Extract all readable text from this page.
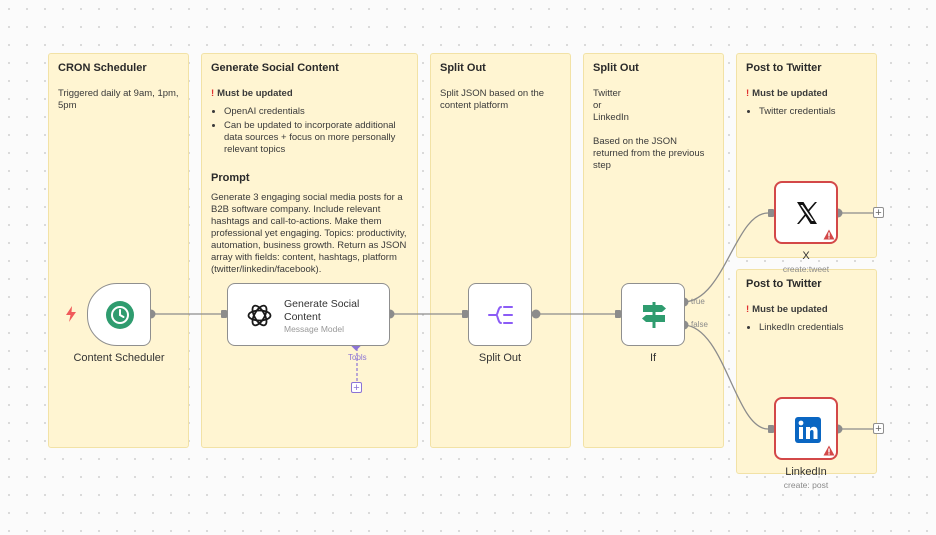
CRON Scheduler

Triggered daily at 9am, 1pm, 5pm

Generate Social Content

! Must be updated

• OpenAI credentials
• Can be updated to incorporate additional data sources + focus on more personally relevant topics

Prompt

Generate 3 engaging social media posts for a B2B software company. Include relevant hashtags and call-to-actions. Make them professional yet engaging. Topics: productivity, automation, business growth. Return as JSON array with fields: content, hashtags, platform (twitter/linkedin/facebook).

Split Out

Split JSON based on the content platform

Split Out

Twitter

or

LinkedIn

Based on the JSON returned from the previous step

Post to Twitter

! Must be updated

• Twitter credentials
Post to Twitter

! Must be updated

• LinkedIn credentials
Content Scheduler
Generate Social Content
Message Model
Tools
+
Split Out
true
false
If
X
create:tweet
+
LinkedIn
create: post
+
